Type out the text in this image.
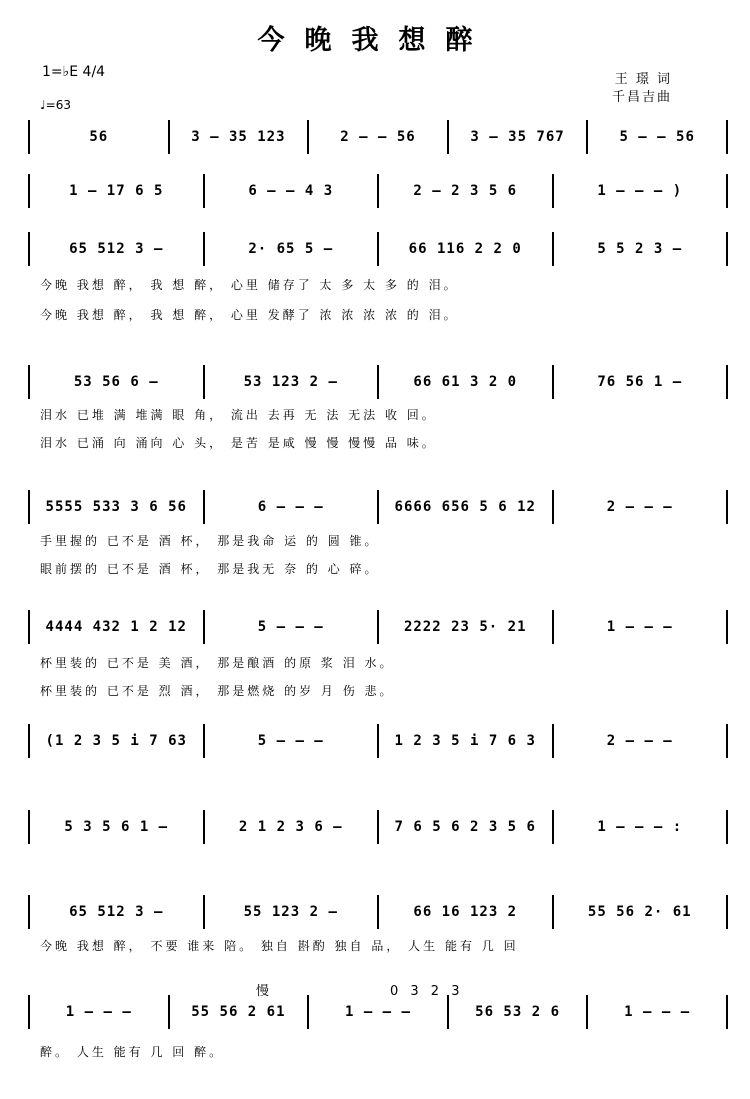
今晚我想醉
1=♭E 4/4
♩=63
王 璟 词
千昌吉曲
56	3 – 35 123	2 – – 56	3 – 35 767	5 – – 56
1 – 17 6 5	6 – – 4 3	2 – 2 3 5 6	1 – – – )
65 512 3 –	2· 65 5 –	66 116 2 2 0	5 5 2 3 –
53 56 6 –	53 123 2 –	66 61 3 2 0	76 56 1 –
5555 533 3 6 56	6 – – –	6666 656 5 6 12	2 – – –
4444 432 1 2 12	5 – – –	2222 23 5· 21	1 – – –
(1 2 3 5 i 7 63	5 – – –	1 2 3 5 i 7 6 3	2 – – –
5 3 5 6 1 –	2 1 2 3 6 –	7 6 5 6 2 3 5 6	1 – – – :
65 512 3 –	55 123 2 –	66 16 123 2	55 56 2· 61
1 – – –	55 56 2 61	1 – – –	56 53 2 6	1 – – –
今晚 我想 醉， 我 想 醉， 心里 储存了 太 多 太 多 的 泪。
今晚 我想 醉， 我 想 醉， 心里 发酵了 浓 浓 浓 浓 的 泪。
泪水 已堆 满 堆满 眼 角， 流出 去再 无 法 无法 收 回。
泪水 已涌 向 涌向 心 头， 是苦 是咸 慢 慢 慢慢 品 味。
手里握的 已不是 酒 杯， 那是我命 运 的 圆 锥。
眼前摆的 已不是 酒 杯， 那是我无 奈 的 心 碎。
杯里装的 已不是 美 酒， 那是酿酒 的原 浆 泪 水。
杯里装的 已不是 烈 酒， 那是燃烧 的岁 月 伤 悲。
今晚 我想 醉， 不要 谁来 陪。 独自 斟酌 独自 品， 人生 能有 几 回
醉。 人生 能有 几 回 醉。
慢	0 3 2 3
